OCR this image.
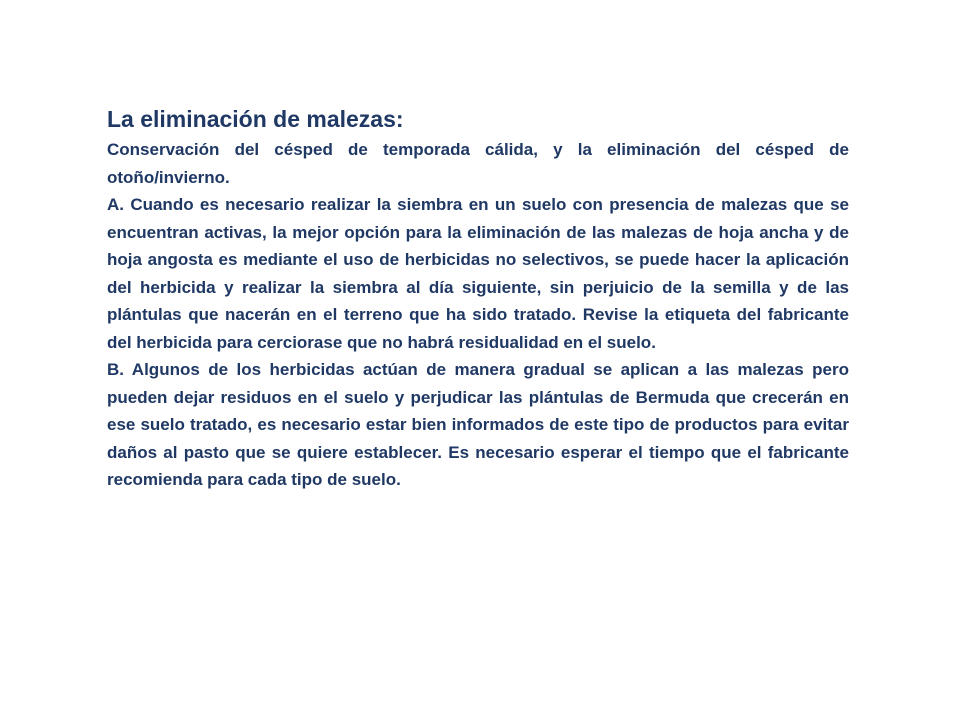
La eliminación de malezas:

Conservación del césped de temporada cálida, y la eliminación del césped de otoño/invierno.

A. Cuando es necesario realizar la siembra en un suelo con presencia de malezas que se encuentran activas, la mejor opción para la eliminación de las malezas de hoja ancha y de hoja angosta es mediante el uso de herbicidas no selectivos, se puede hacer la aplicación del herbicida y realizar la siembra al día siguiente, sin perjuicio de la semilla y de las plántulas que nacerán en el terreno que ha sido tratado. Revise la etiqueta del fabricante del herbicida para cerciorase que no habrá residualidad en el suelo.

B. Algunos de los herbicidas actúan de manera gradual se aplican a las malezas pero pueden dejar residuos en el suelo y perjudicar las plántulas de Bermuda que crecerán en ese suelo tratado, es necesario estar bien informados de este tipo de productos para evitar daños al pasto que se quiere establecer. Es necesario esperar el tiempo que el fabricante recomienda para cada tipo de suelo.
